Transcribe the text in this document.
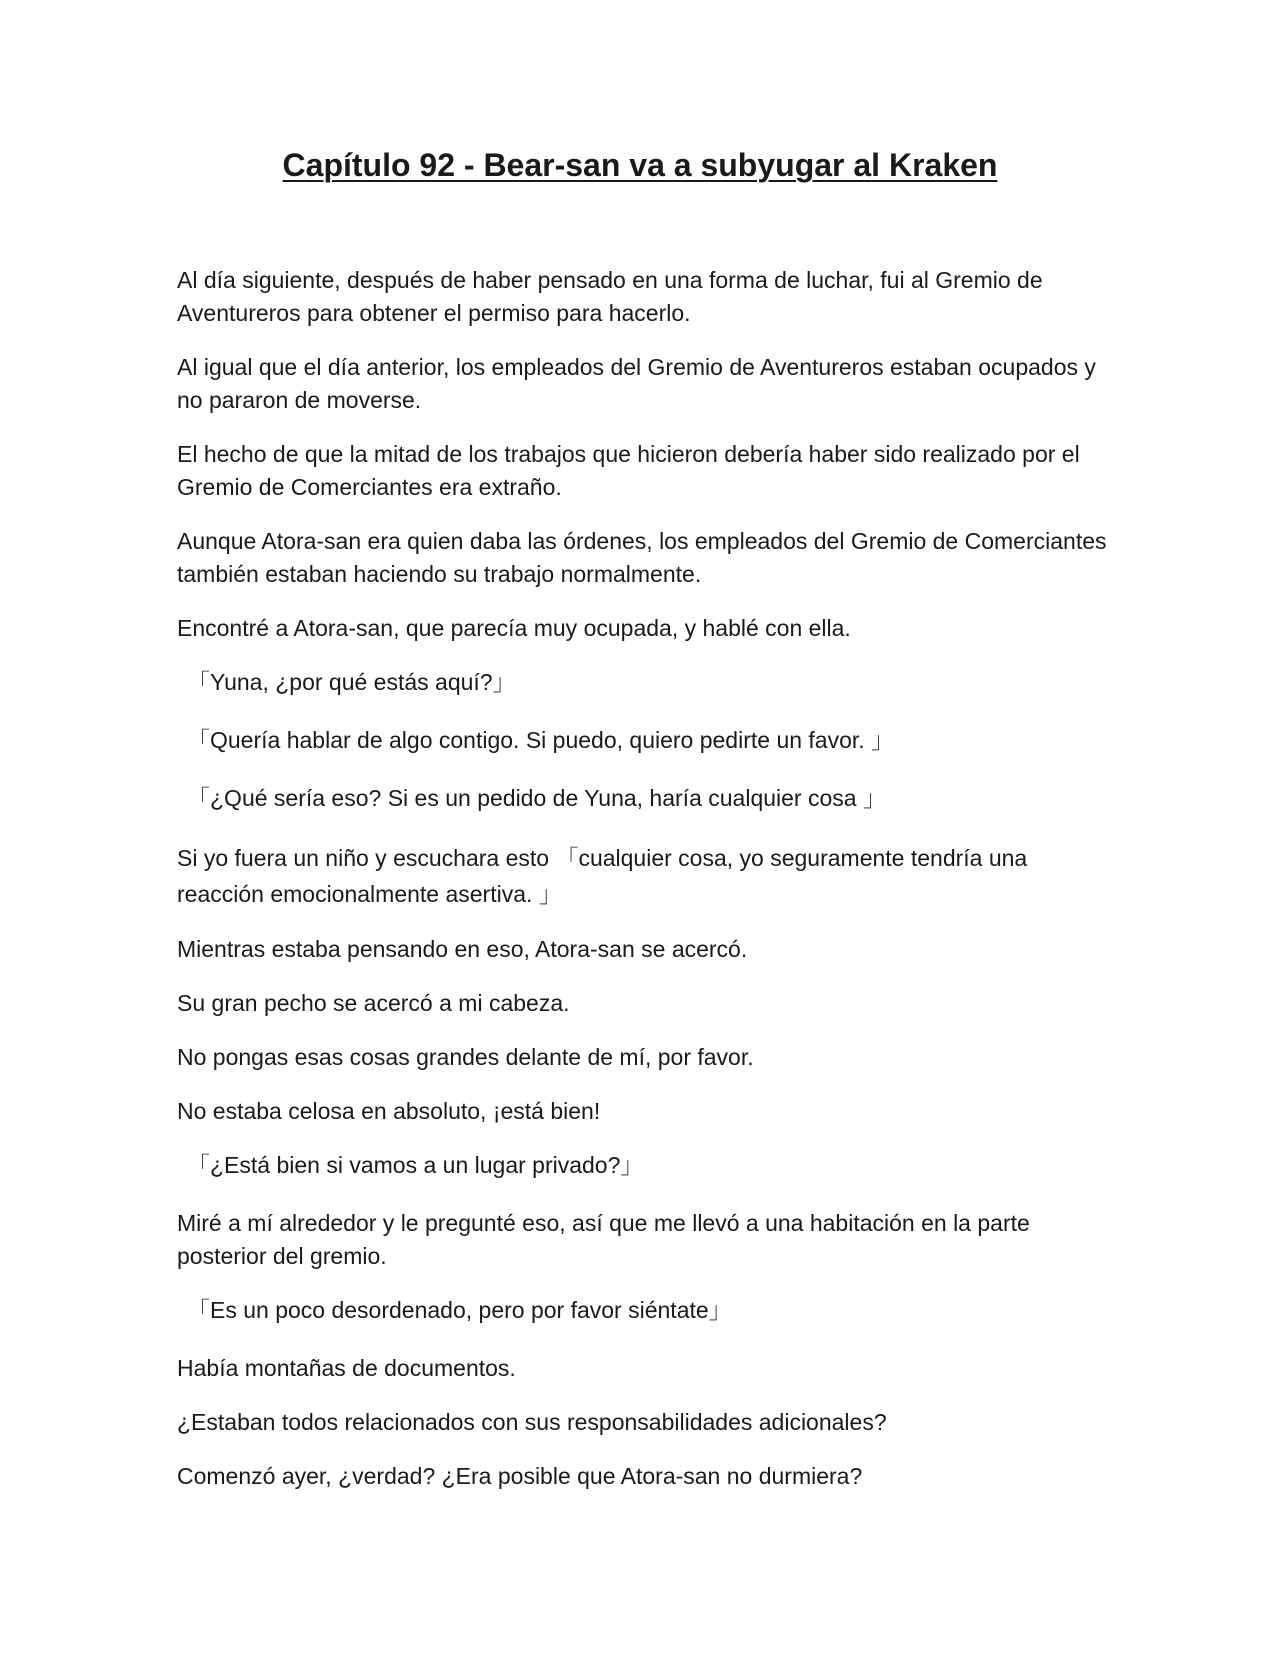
Capítulo 92 - Bear-san va a subyugar al Kraken

Al día siguiente, después de haber pensado en una forma de luchar, fui al Gremio de Aventureros para obtener el permiso para hacerlo.

Al igual que el día anterior, los empleados del Gremio de Aventureros estaban ocupados y no pararon de moverse.

El hecho de que la mitad de los trabajos que hicieron debería haber sido realizado por el Gremio de Comerciantes era extraño.

Aunque Atora-san era quien daba las órdenes, los empleados del Gremio de Comerciantes también estaban haciendo su trabajo normalmente.

Encontré a Atora-san, que parecía muy ocupada, y hablé con ella.

「Yuna, ¿por qué estás aquí?」

「Quería hablar de algo contigo. Si puedo, quiero pedirte un favor. 」

「¿Qué sería eso? Si es un pedido de Yuna, haría cualquier cosa 」

Si yo fuera un niño y escuchara esto 「cualquier cosa, yo seguramente tendría una reacción emocionalmente asertiva. 」

Mientras estaba pensando en eso, Atora-san se acercó.

Su gran pecho se acercó a mi cabeza.

No pongas esas cosas grandes delante de mí, por favor.

No estaba celosa en absoluto, ¡está bien!

「¿Está bien si vamos a un lugar privado?」

Miré a mí alrededor y le pregunté eso, así que me llevó a una habitación en la parte posterior del gremio.

「Es un poco desordenado, pero por favor siéntate」

Había montañas de documentos.

¿Estaban todos relacionados con sus responsabilidades adicionales?

Comenzó ayer, ¿verdad? ¿Era posible que Atora-san no durmiera?
